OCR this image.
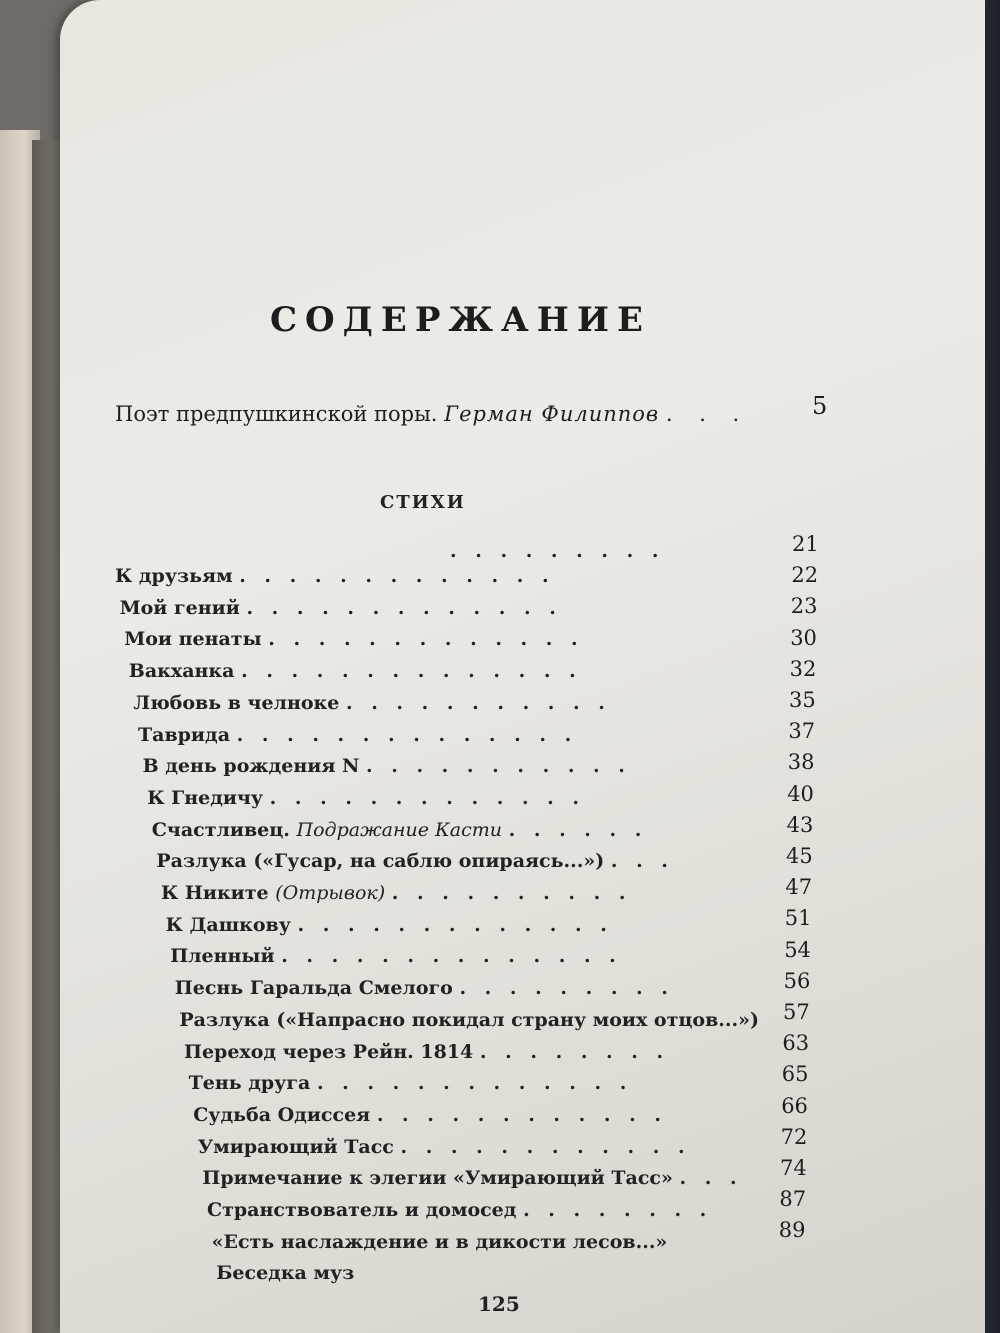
СОДЕРЖАНИЕ
Поэт предпушкинской поры. Герман Филиппов . . .	5
СТИХИ
. . . . . . . . .
К друзьям . . . . . . . . . . . . .
Мой гений . . . . . . . . . . . . .
Мои пенаты . . . . . . . . . . . . .
Вакханка . . . . . . . . . . . . . .
Любовь в челноке . . . . . . . . . . .
Таврида . . . . . . . . . . . . . .
В день рождения N . . . . . . . . . . .
К Гнедичу . . . . . . . . . . . . .
Счастливец. Подражание Касти . . . . . .
Разлука («Гусар, на саблю опираясь...») . . .
К Никите (Отрывок) . . . . . . . . . .
К Дашкову . . . . . . . . . . . . .
Пленный . . . . . . . . . . . . . .
Песнь Гаральда Смелого . . . . . . . . .
Разлука («Напрасно покидал страну моих отцов...»)
Переход через Рейн. 1814 . . . . . . . .
Тень друга . . . . . . . . . . . . .
Судьба Одиссея . . . . . . . . . . . .
Умирающий Тасс . . . . . . . . . . . .
Примечание к элегии «Умирающий Тасс» . . .
Странствователь и домосед . . . . . . . .
«Есть наслаждение и в дикости лесов...»
Беседка муз
21
22
23
30
32
35
37
38
40
43
45
47
51
54
56
57
63
65
66
72
74
87
89
125
